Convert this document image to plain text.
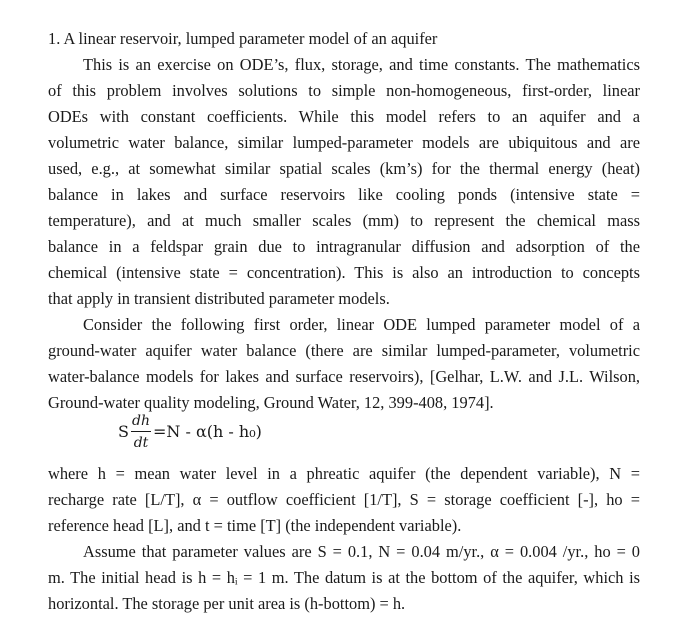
1. A linear reservoir, lumped parameter model of an aquifer
This is an exercise on ODE’s, flux, storage, and time constants. The mathematics
of this problem involves solutions to simple non-homogeneous, first-order, linear
ODEs with constant coefficients. While this model refers to an aquifer and a
volumetric water balance, similar lumped-parameter models are ubiquitous and are
used, e.g., at somewhat similar spatial scales (km’s) for the thermal energy (heat)
balance in lakes and surface reservoirs like cooling ponds (intensive state =
temperature), and at much smaller scales (mm) to represent the chemical mass
balance in a feldspar grain due to intragranular diffusion and adsorption of the
chemical (intensive state = concentration). This is also an introduction to concepts
that apply in transient distributed parameter models.
Consider the following first order, linear ODE lumped parameter model of a
ground-water aquifer water balance (there are similar lumped-parameter, volumetric
water-balance models for lakes and surface reservoirs), [Gelhar, L.W. and J.L. Wilson,
Ground-water quality modeling, Ground Water, 12, 399-408, 1974].
S
dh
dt
=N - α(h - h₀)
where h = mean water level in a phreatic aquifer (the dependent variable), N =
recharge rate [L/T], α = outflow coefficient [1/T], S = storage coefficient [-], ho =
reference head [L], and t = time [T] (the independent variable).
Assume that parameter values are S = 0.1, N = 0.04 m/yr., α = 0.004 /yr., ho = 0
m. The initial head is h = hᵢ = 1 m. The datum is at the bottom of the aquifer, which is
horizontal. The storage per unit area is (h-bottom) = h.
